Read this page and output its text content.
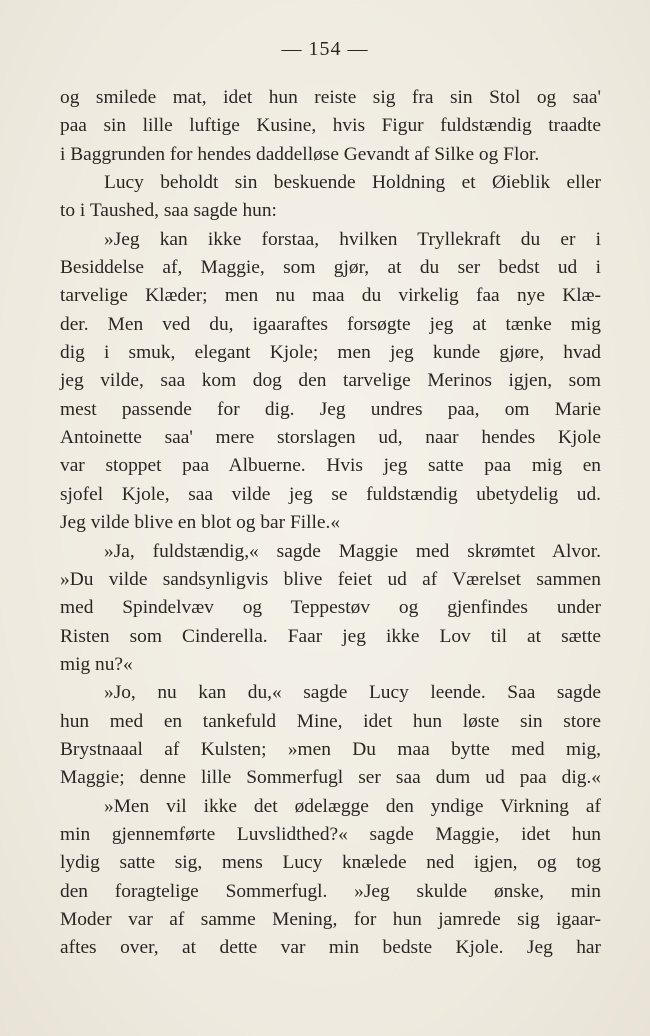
— 154 —
og smilede mat, idet hun reiste sig fra sin Stol og saa'
paa sin lille luftige Kusine, hvis Figur fuldstændig traadte
i Baggrunden for hendes daddelløse Gevandt af Silke og Flor.
Lucy beholdt sin beskuende Holdning et Øieblik eller
to i Taushed, saa sagde hun:
»Jeg kan ikke forstaa, hvilken Tryllekraft du er i
Besiddelse af, Maggie, som gjør, at du ser bedst ud i
tarvelige Klæder; men nu maa du virkelig faa nye Klæ-
der. Men ved du, igaaraftes forsøgte jeg at tænke mig
dig i smuk, elegant Kjole; men jeg kunde gjøre, hvad
jeg vilde, saa kom dog den tarvelige Merinos igjen, som
mest passende for dig. Jeg undres paa, om Marie
Antoinette saa' mere storslagen ud, naar hendes Kjole
var stoppet paa Albuerne. Hvis jeg satte paa mig en
sjofel Kjole, saa vilde jeg se fuldstændig ubetydelig ud.
Jeg vilde blive en blot og bar Fille.«
»Ja, fuldstændig,« sagde Maggie med skrømtet Alvor.
»Du vilde sandsynligvis blive feiet ud af Værelset sammen
med Spindelvæv og Teppestøv og gjenfindes under
Risten som Cinderella. Faar jeg ikke Lov til at sætte
mig nu?«
»Jo, nu kan du,« sagde Lucy leende. Saa sagde
hun med en tankefuld Mine, idet hun løste sin store
Brystnaaal af Kulsten; »men Du maa bytte med mig,
Maggie; denne lille Sommerfugl ser saa dum ud paa dig.«
»Men vil ikke det ødelægge den yndige Virkning af
min gjennemførte Luvslidthed?« sagde Maggie, idet hun
lydig satte sig, mens Lucy knælede ned igjen, og tog
den foragtelige Sommerfugl. »Jeg skulde ønske, min
Moder var af samme Mening, for hun jamrede sig igaar-
aftes over, at dette var min bedste Kjole. Jeg har
